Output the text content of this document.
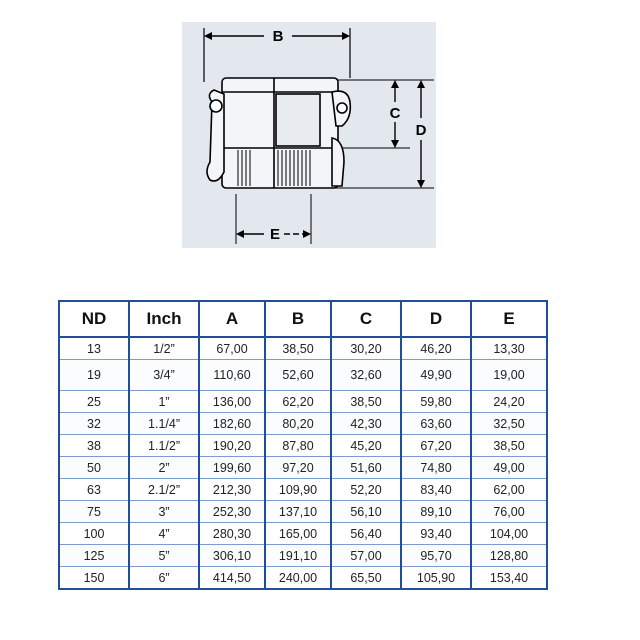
B
C
D
E
ND	Inch	A	B	C	D	E
13	1/2”	67,00	38,50	30,20	46,20	13,30
19	3/4”	110,60	52,60	32,60	49,90	19,00
25	1”	136,00	62,20	38,50	59,80	24,20
32	1.1/4”	182,60	80,20	42,30	63,60	32,50
38	1.1/2”	190,20	87,80	45,20	67,20	38,50
50	2”	199,60	97,20	51,60	74,80	49,00
63	2.1/2”	212,30	109,90	52,20	83,40	62,00
75	3”	252,30	137,10	56,10	89,10	76,00
100	4”	280,30	165,00	56,40	93,40	104,00
125	5”	306,10	191,10	57,00	95,70	128,80
150	6”	414,50	240,00	65,50	105,90	153,40
